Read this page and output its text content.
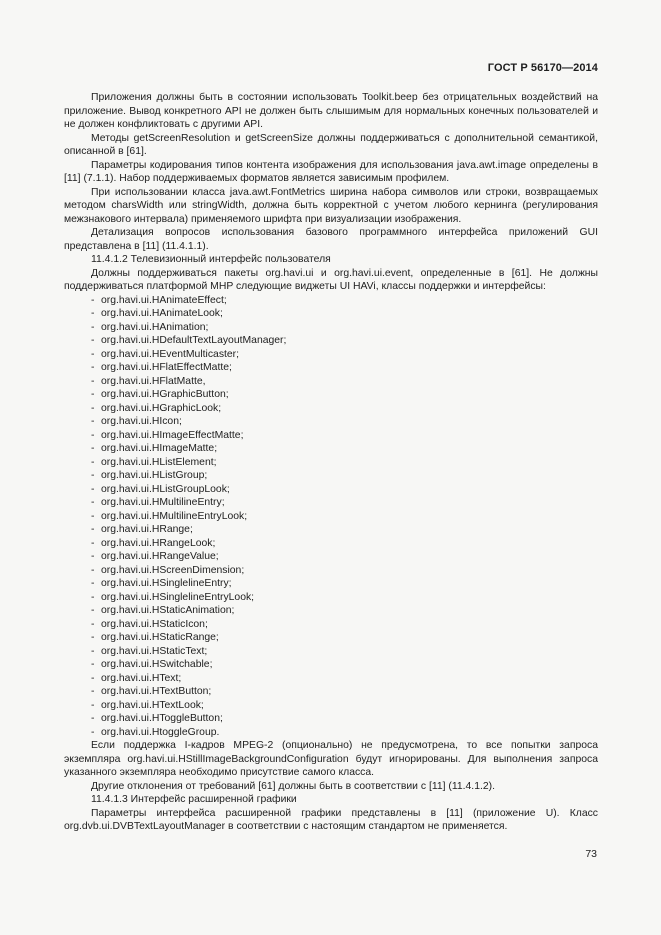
ГОСТ Р 56170—2014

Приложения должны быть в состоянии использовать Toolkit.beep без отрицательных воздействий на приложение. Вывод конкретного API не должен быть слышимым для нормальных конечных пользователей и не должен конфликтовать с другими API.

Методы getScreenResolution и getScreenSize должны поддерживаться с дополнительной семантикой, описанной в [61].

Параметры кодирования типов контента изображения для использования java.awt.image определены в [11] (7.1.1). Набор поддерживаемых форматов является зависимым профилем.

При использовании класса java.awt.FontMetrics ширина набора символов или строки, возвращаемых методом charsWidth или stringWidth, должна быть корректной с учетом любого кернинга (регулирования межзнакового интервала) применяемого шрифта при визуализации изображения.

Детализация вопросов использования базового программного интерфейса приложений GUI представлена в [11] (11.4.1.1).

11.4.1.2 Телевизионный интерфейс пользователя

Должны поддерживаться пакеты org.havi.ui и org.havi.ui.event, определенные в [61]. Не должны поддерживаться платформой MHP следующие виджеты UI HAVi, классы поддержки и интерфейсы:

- org.havi.ui.HAnimateEffect;
- org.havi.ui.HAnimateLook;
- org.havi.ui.HAnimation;
- org.havi.ui.HDefaultTextLayoutManager;
- org.havi.ui.HEventMulticaster;
- org.havi.ui.HFlatEffectMatte;
- org.havi.ui.HFlatMatte,
- org.havi.ui.HGraphicButton;
- org.havi.ui.HGraphicLook;
- org.havi.ui.HIcon;
- org.havi.ui.HImageEffectMatte;
- org.havi.ui.HImageMatte;
- org.havi.ui.HListElement;
- org.havi.ui.HListGroup;
- org.havi.ui.HListGroupLook;
- org.havi.ui.HMultilineEntry;
- org.havi.ui.HMultilineEntryLook;
- org.havi.ui.HRange;
- org.havi.ui.HRangeLook;
- org.havi.ui.HRangeValue;
- org.havi.ui.HScreenDimension;
- org.havi.ui.HSinglelineEntry;
- org.havi.ui.HSinglelineEntryLook;
- org.havi.ui.HStaticAnimation;
- org.havi.ui.HStaticIcon;
- org.havi.ui.HStaticRange;
- org.havi.ui.HStaticText;
- org.havi.ui.HSwitchable;
- org.havi.ui.HText;
- org.havi.ui.HTextButton;
- org.havi.ui.HTextLook;
- org.havi.ui.HToggleButton;
- org.havi.ui.HtoggleGroup.

Если поддержка I-кадров MPEG-2 (опционально) не предусмотрена, то все попытки запроса экземпляра org.havi.ui.HStillImageBackgroundConfiguration будут игнорированы. Для выполнения запроса указанного экземпляра необходимо присутствие самого класса.

Другие отклонения от требований [61] должны быть в соответствии с [11] (11.4.1.2).

11.4.1.3 Интерфейс расширенной графики

Параметры интерфейса расширенной графики представлены в [11] (приложение U). Класс org.dvb.ui.DVBTextLayoutManager в соответствии с настоящим стандартом не применяется.

73
